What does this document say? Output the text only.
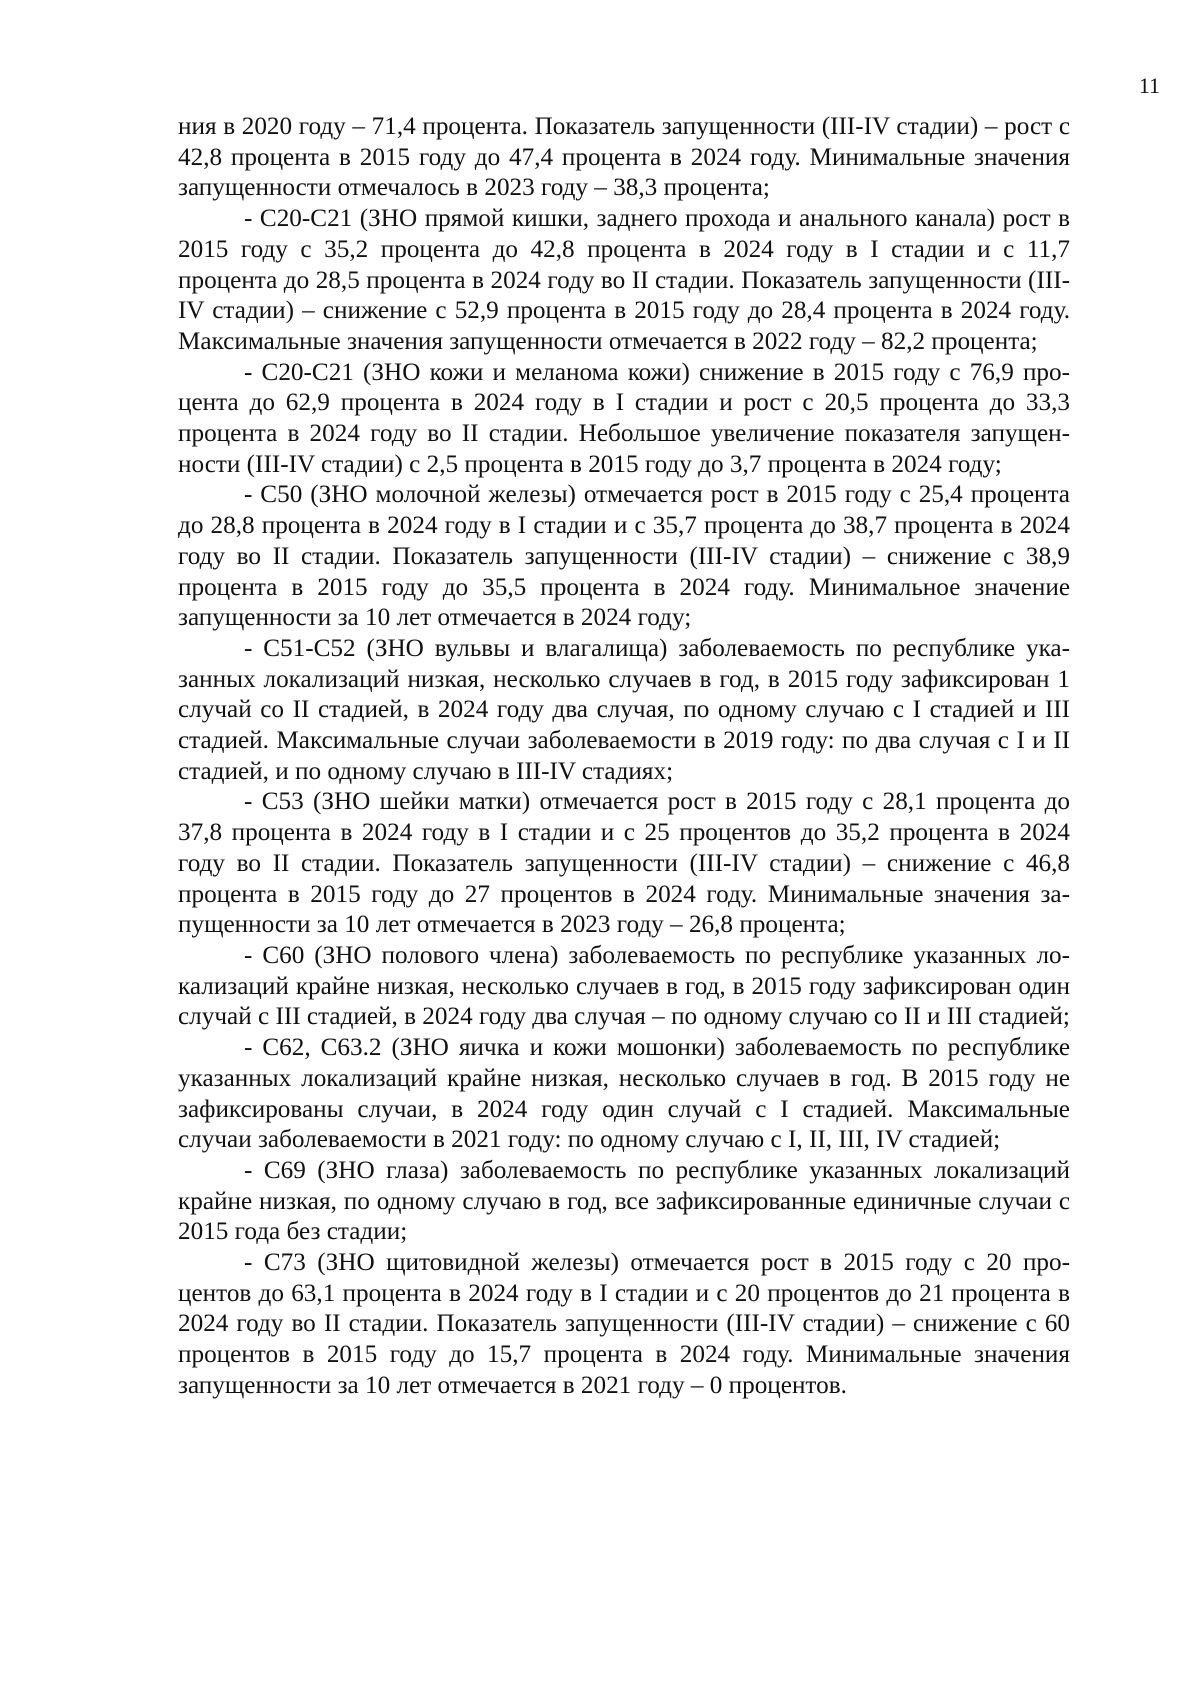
11

ния в 2020 году – 71,4 процента. Показатель запущенности (III-IV стадии) – рост с 42,8 процента в 2015 году до 47,4 процента в 2024 году. Минимальные значения запущенности отмечалось в 2023 году – 38,3 процента;

- С20-С21 (ЗНО прямой кишки, заднего прохода и анального канала) рост в 2015 году с 35,2 процента до 42,8 процента в 2024 году в I стадии и с 11,7 процента до 28,5 процента в 2024 году во II стадии. Показатель запущенности (III-IV стадии) – снижение с 52,9 процента в 2015 году до 28,4 процента в 2024 году. Максимальные значения запущенности отмечается в 2022 году – 82,2 процента;

- С20-С21 (ЗНО кожи и меланома кожи) снижение в 2015 году с 76,9 процента до 62,9 процента в 2024 году в I стадии и рост с 20,5 процента до 33,3 процента в 2024 году во II стадии. Небольшое увеличение показателя запущенности (III-IV стадии) с 2,5 процента в 2015 году до 3,7 процента в 2024 году;

- С50 (ЗНО молочной железы) отмечается рост в 2015 году с 25,4 процента до 28,8 процента в 2024 году в I стадии и с 35,7 процента до 38,7 процента в 2024 году во II стадии. Показатель запущенности (III-IV стадии) – снижение с 38,9 процента в 2015 году до 35,5 процента в 2024 году. Минимальное значение запущенности за 10 лет отмечается в 2024 году;

- С51-С52 (ЗНО вульвы и влагалища) заболеваемость по республике указанных локализаций низкая, несколько случаев в год, в 2015 году зафиксирован 1 случай со II стадией, в 2024 году два случая, по одному случаю с I стадией и III стадией. Максимальные случаи заболеваемости в 2019 году: по два случая с I и II стадией, и по одному случаю в III-IV стадиях;

- С53 (ЗНО шейки матки) отмечается рост в 2015 году с 28,1 процента до 37,8 процента в 2024 году в I стадии и с 25 процентов до 35,2 процента в 2024 году во II стадии. Показатель запущенности (III-IV стадии) – снижение с 46,8 процента в 2015 году до 27 процентов в 2024 году. Минимальные значения запущенности за 10 лет отмечается в 2023 году – 26,8 процента;

- С60 (ЗНО полового члена) заболеваемость по республике указанных локализаций крайне низкая, несколько случаев в год, в 2015 году зафиксирован один случай с III стадией, в 2024 году два случая – по одному случаю со II и III стадией;

- С62, С63.2 (ЗНО яичка и кожи мошонки) заболеваемость по республике указанных локализаций крайне низкая, несколько случаев в год. В 2015 году не зафиксированы случаи, в 2024 году один случай с I стадией. Максимальные случаи заболеваемости в 2021 году: по одному случаю с I, II, III, IV стадией;

- С69 (ЗНО глаза) заболеваемость по республике указанных локализаций крайне низкая, по одному случаю в год, все зафиксированные единичные случаи с 2015 года без стадии;

- С73 (ЗНО щитовидной железы) отмечается рост в 2015 году с 20 процентов до 63,1 процента в 2024 году в I стадии и с 20 процентов до 21 процента в 2024 году во II стадии. Показатель запущенности (III-IV стадии) – снижение с 60 процентов в 2015 году до 15,7 процента в 2024 году. Минимальные значения запущенности за 10 лет отмечается в 2021 году – 0 процентов.
